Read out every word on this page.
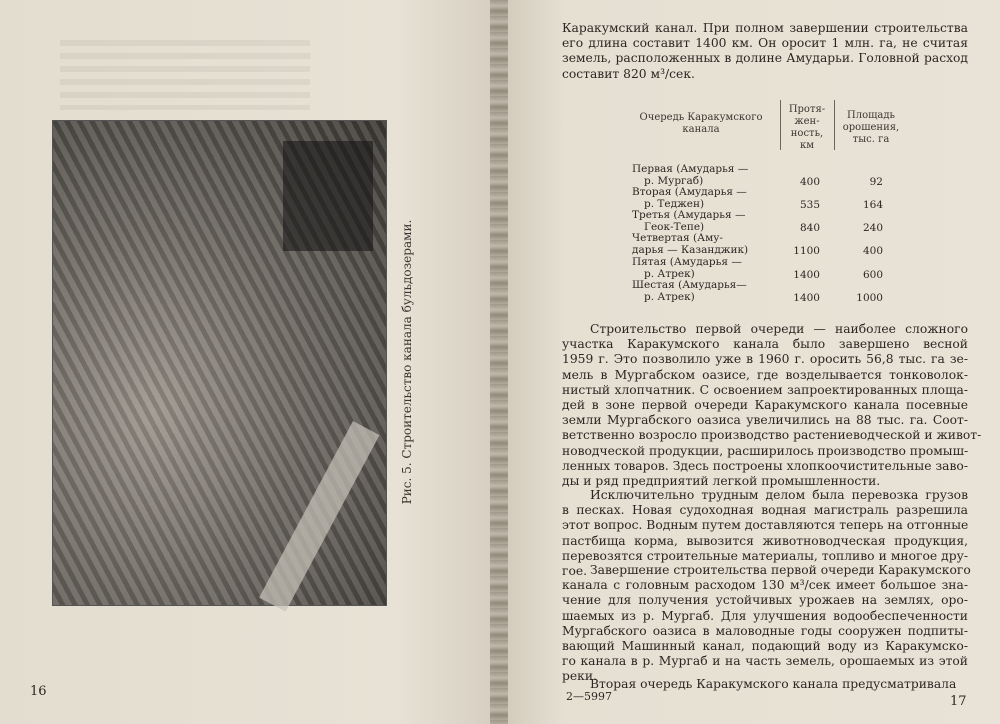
Рис. 5. Строительство канала бульдозерами.
16
Каракумский канал. При полном завершении строительства
его длина составит 1400 км. Он оросит 1 млн. га, не считая
земель, расположенных в долине Амударьи. Головной расход
составит 820 м³/сек.
Очередь Каракумского канала
Протя-жен-ность, км
Площадь орошения, тыс. га
Первая (Амударья —
р. Мургаб)	400	92
Вторая (Амударья —
р. Теджен)	535	164
Третья (Амударья —
Геок-Тепе)	840	240
Четвертая (Аму-
дарья — Казанджик)	1100	400
Пятая (Амударья —
р. Атрек)	1400	600
Шестая (Амударья—
р. Атрек)	1400	1000
Строительство первой очереди — наиболее сложного
участка Каракумского канала было завершено весной
1959 г. Это позволило уже в 1960 г. оросить 56,8 тыс. га зе-
мель в Мургабском оазисе, где возделывается тонковолок-
нистый хлопчатник. С освоением запроектированных площа-
дей в зоне первой очереди Каракумского канала посевные
земли Мургабского оазиса увеличились на 88 тыс. га. Соот-
ветственно возросло производство растениеводческой и живот-
новодческой продукции, расширилось производство промыш-
ленных товаров. Здесь построены хлопкоочистительные заво-
ды и ряд предприятий легкой промышленности.
Исключительно трудным делом была перевозка грузов
в песках. Новая судоходная водная магистраль разрешила
этот вопрос. Водным путем доставляются теперь на отгонные
пастбища корма, вывозится животноводческая продукция,
перевозятся строительные материалы, топливо и многое дру-
гое. Завершение строительства первой очереди Каракумского
канала с головным расходом 130 м³/сек имеет большое зна-
чение для получения устойчивых урожаев на землях, оро-
шаемых из р. Мургаб. Для улучшения водообеспеченности
Мургабского оазиса в маловодные годы сооружен подпиты-
вающий Машинный канал, подающий воду из Каракумско-
го канала в р. Мургаб и на часть земель, орошаемых из этой
реки.
Вторая очередь Каракумского канала предусматривала
2—5997	17
